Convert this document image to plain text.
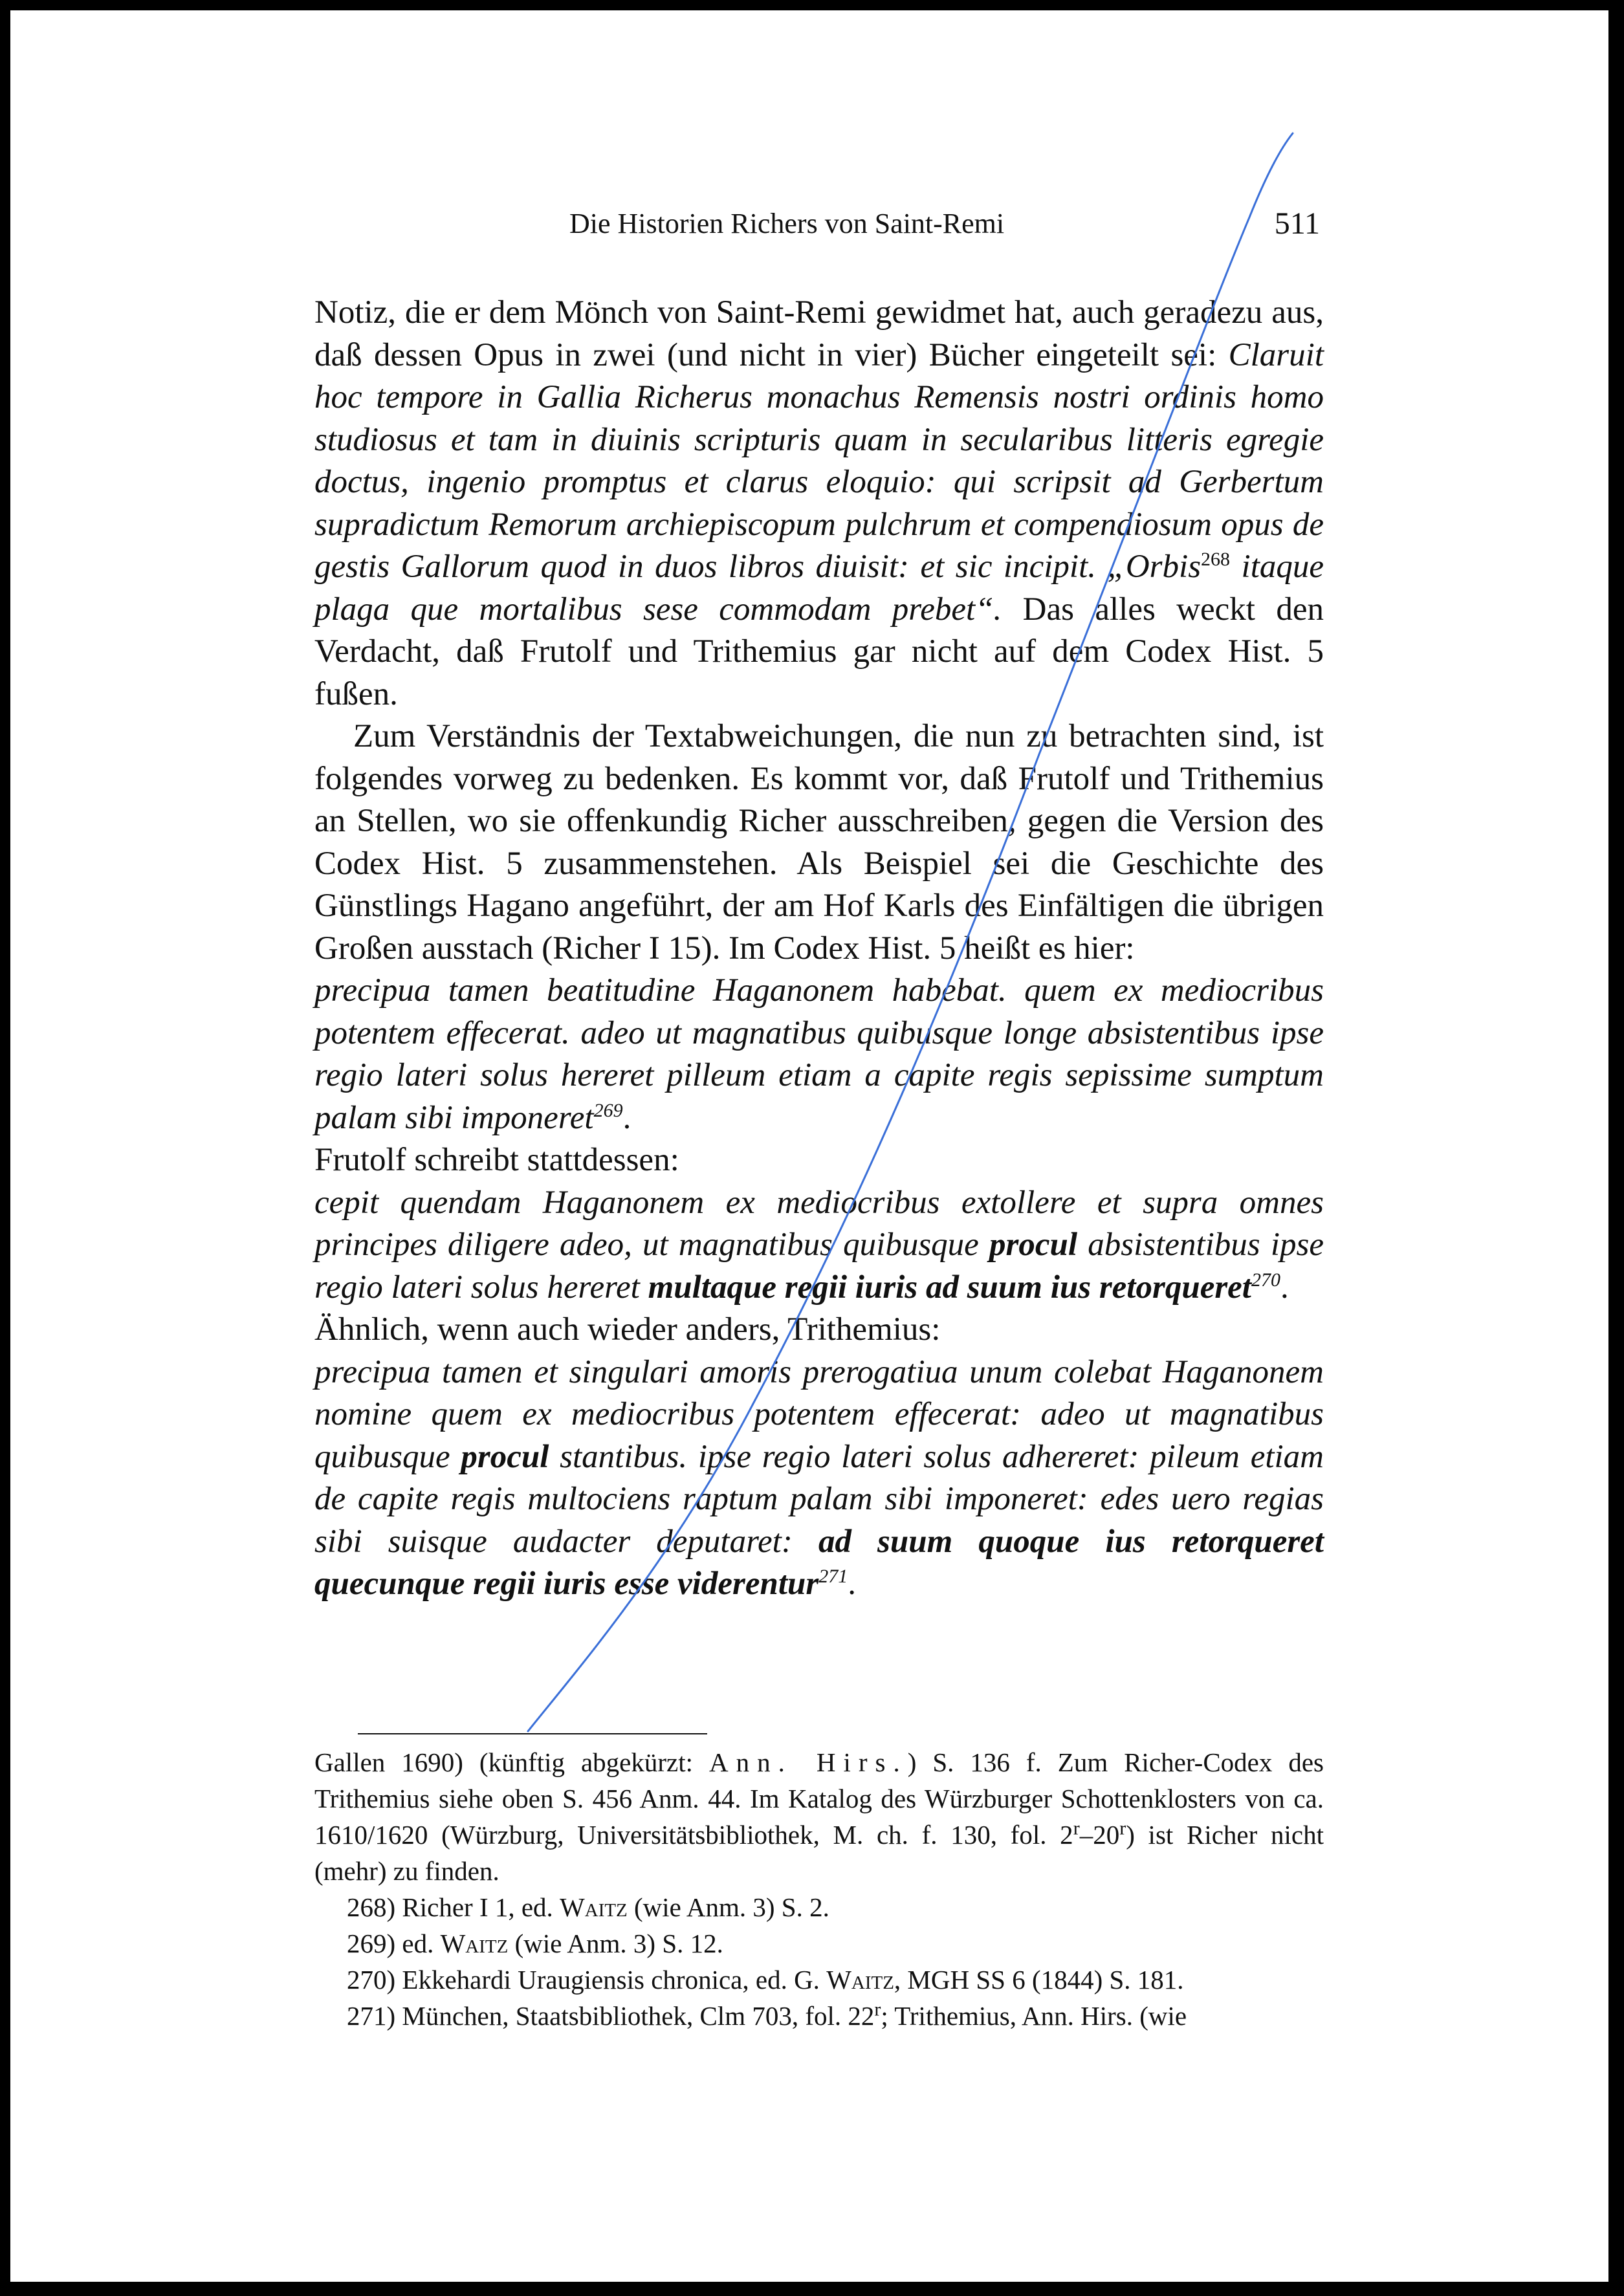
Die Historien Richers von Saint-Remi	511

Notiz, die er dem Mönch von Saint-Remi gewidmet hat, auch geradezu aus, daß dessen Opus in zwei (und nicht in vier) Bücher eingeteilt sei: Claruit hoc tempore in Gallia Richerus monachus Remensis nostri ordinis homo studiosus et tam in diuinis scripturis quam in secularibus litteris egregie doctus, ingenio promptus et clarus eloquio: qui scripsit ad Gerbertum supradictum Remorum archiepiscopum pulchrum et compendiosum opus de gestis Gallorum quod in duos libros diuisit: et sic incipit. „Orbis$^{268}$ itaque plaga que mortalibus sese commodam prebet“. Das alles weckt den Verdacht, daß Frutolf und Trithemius gar nicht auf dem Codex Hist. 5 fußen.

Zum Verständnis der Textabweichungen, die nun zu betrachten sind, ist folgendes vorweg zu bedenken. Es kommt vor, daß Frutolf und Trithemius an Stellen, wo sie offenkundig Richer ausschreiben, gegen die Version des Codex Hist. 5 zusammenstehen. Als Beispiel sei die Geschichte des Günstlings Hagano angeführt, der am Hof Karls des Einfältigen die übrigen Großen ausstach (Richer I 15). Im Codex Hist. 5 heißt es hier:

precipua tamen beatitudine Haganonem habebat. quem ex mediocribus potentem effecerat. adeo ut magnatibus quibusque longe absistentibus ipse regio lateri solus hereret pilleum etiam a capite regis sepissime sumptum palam sibi imponeret$^{269}$.

Frutolf schreibt stattdessen:

cepit quendam Haganonem ex mediocribus extollere et supra omnes principes diligere adeo, ut magnatibus quibusque procul absistentibus ipse regio lateri solus hereret multaque regii iuris ad suum ius retorqueret$^{270}$.

Ähnlich, wenn auch wieder anders, Trithemius:

precipua tamen et singulari amoris prerogatiua unum colebat Haganonem nomine quem ex mediocribus potentem effecerat: adeo ut magnatibus quibusque procul stantibus. ipse regio lateri solus adhereret: pileum etiam de capite regis multociens raptum palam sibi imponeret: edes uero regias sibi suisque audacter deputaret: ad suum quoque ius retorqueret quecunque regii iuris esse viderentur$^{271}$.

Gallen 1690) (künftig abgekürzt: Ann. Hirs.) S. 136 f. Zum Richer-Codex des Trithemius siehe oben S. 456 Anm. 44. Im Katalog des Würzburger Schottenklosters von ca. 1610/1620 (Würzburg, Universitätsbibliothek, M. ch. f. 130, fol. 2$^r$–20$^r$) ist Richer nicht (mehr) zu finden.

268) Richer I 1, ed. Waitz (wie Anm. 3) S. 2.

269) ed. Waitz (wie Anm. 3) S. 12.

270) Ekkehardi Uraugiensis chronica, ed. G. Waitz, MGH SS 6 (1844) S. 181.

271) München, Staatsbibliothek, Clm 703, fol. 22$^r$; Trithemius, Ann. Hirs. (wie
